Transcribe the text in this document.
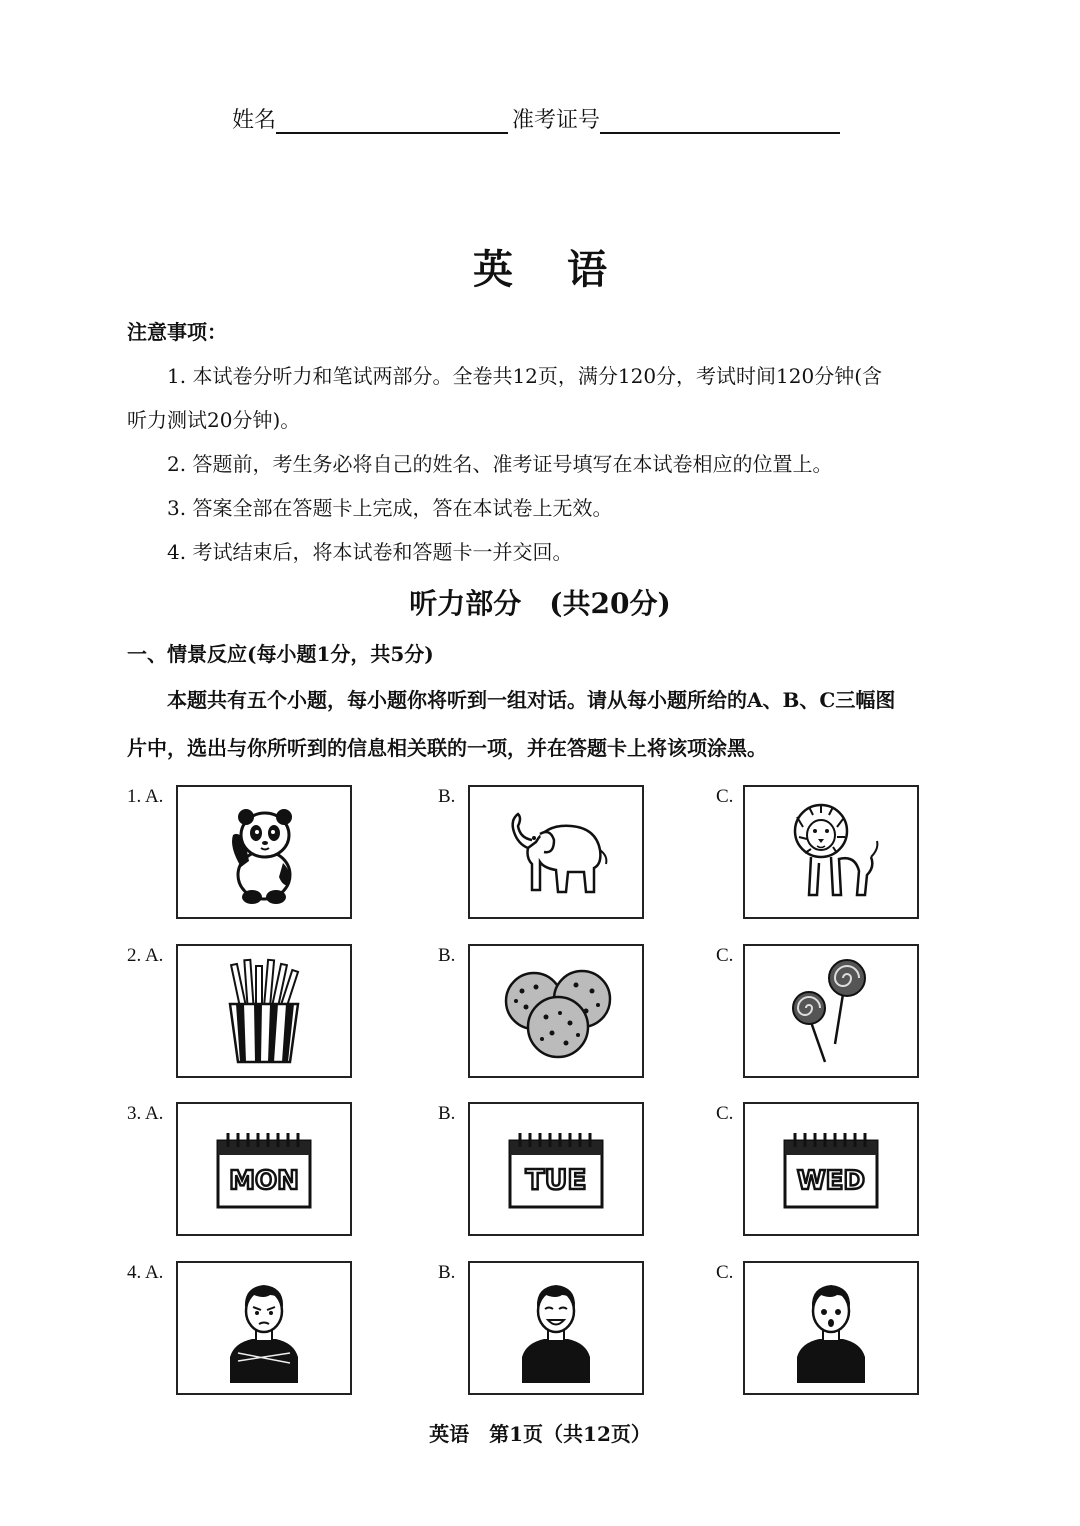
姓名	准考证号
英语
注意事项：
1. 本试卷分听力和笔试两部分。全卷共12页，满分120分，考试时间120分钟(含
听力测试20分钟)。
2. 答题前，考生务必将自己的姓名、准考证号填写在本试卷相应的位置上。
3. 答案全部在答题卡上完成，答在本试卷上无效。
4. 考试结束后，将本试卷和答题卡一并交回。
听力部分　(共20分)
一、情景反应(每小题1分，共5分)
本题共有五个小题，每小题你将听到一组对话。请从每小题所给的A、B、C三幅图
片中，选出与你所听到的信息相关联的一项，并在答题卡上将该项涂黑。
1. A.	B.	C.
2. A.	B.	C.
3. A.	B.	C.
MON	TUE	WED
4. A.	B.	C.
英语　第1页（共12页）
